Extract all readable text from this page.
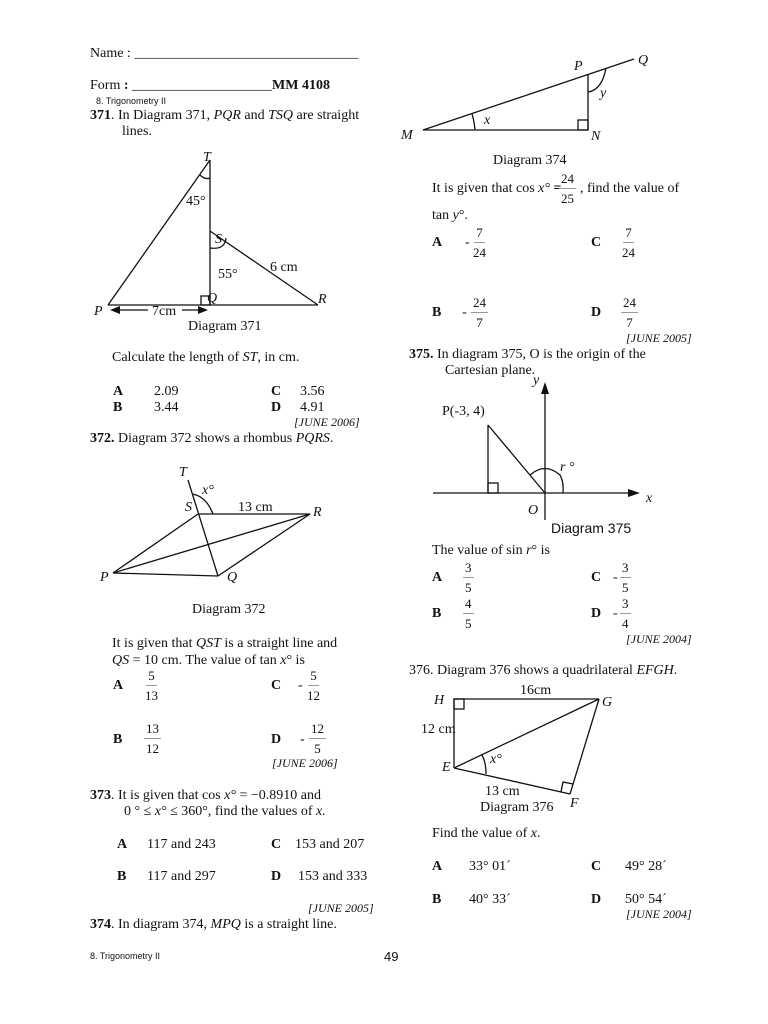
Name : ________________________________
Form : ____________________MM 4108
8. Trigonometry II
371. In Diagram 371, PQR and TSQ are straight
lines.
T
45°
S
55° 6 cm
P
Q	R
7cm
Diagram 371
Calculate the length of ST, in cm.
A 2.09	C 3.56
B 3.44	D 4.91
[JUNE 2006]
372. Diagram 372 shows a rhombus PQRS.
T
x°
S	13 cm	R
P	Q
Diagram 372
It is given that QST is a straight line and
QS = 10 cm. The value of tan x° is
A $\frac{5}{13}$	C - $\frac{5}{12}$
B $\frac{13}{12}$	D - $\frac{12}{5}$
[JUNE 2006]
373. It is given that cos x° = −0.8910 and
0 ° ≤ x° ≤ 360°, find the values of x.
A 117 and 243	C 153 and 207
B 117 and 297	D 153 and 333
[JUNE 2005]
374. In diagram 374, MPQ is a straight line.
P	Q
y
x
M	N
Diagram 374
It is given that cos x° =
$\frac{24}{25}$ , find the value of
tan y°.
A - $\frac{7}{24}$	C $\frac{7}{24}$
B - $\frac{24}{7}$	D $\frac{24}{7}$
[JUNE 2005]
375. In diagram 375, O is the origin of the
Cartesian plane.
y
P(-3, 4)
r °
x
O
Diagram 375
The value of sin r° is
A $\frac{3}{5}$	C - $\frac{3}{5}$
B $\frac{4}{5}$	D - $\frac{3}{4}$
[JUNE 2004]
376. Diagram 376 shows a quadrilateral EFGH.
H
16cm
G
12 cm
x°
E
13 cm
F
Diagram 376
Find the value of x.
A 33° 01´	C 49° 28´
B 40° 33´	D 50° 54´
[JUNE 2004]
8. Trigonometry II	49
